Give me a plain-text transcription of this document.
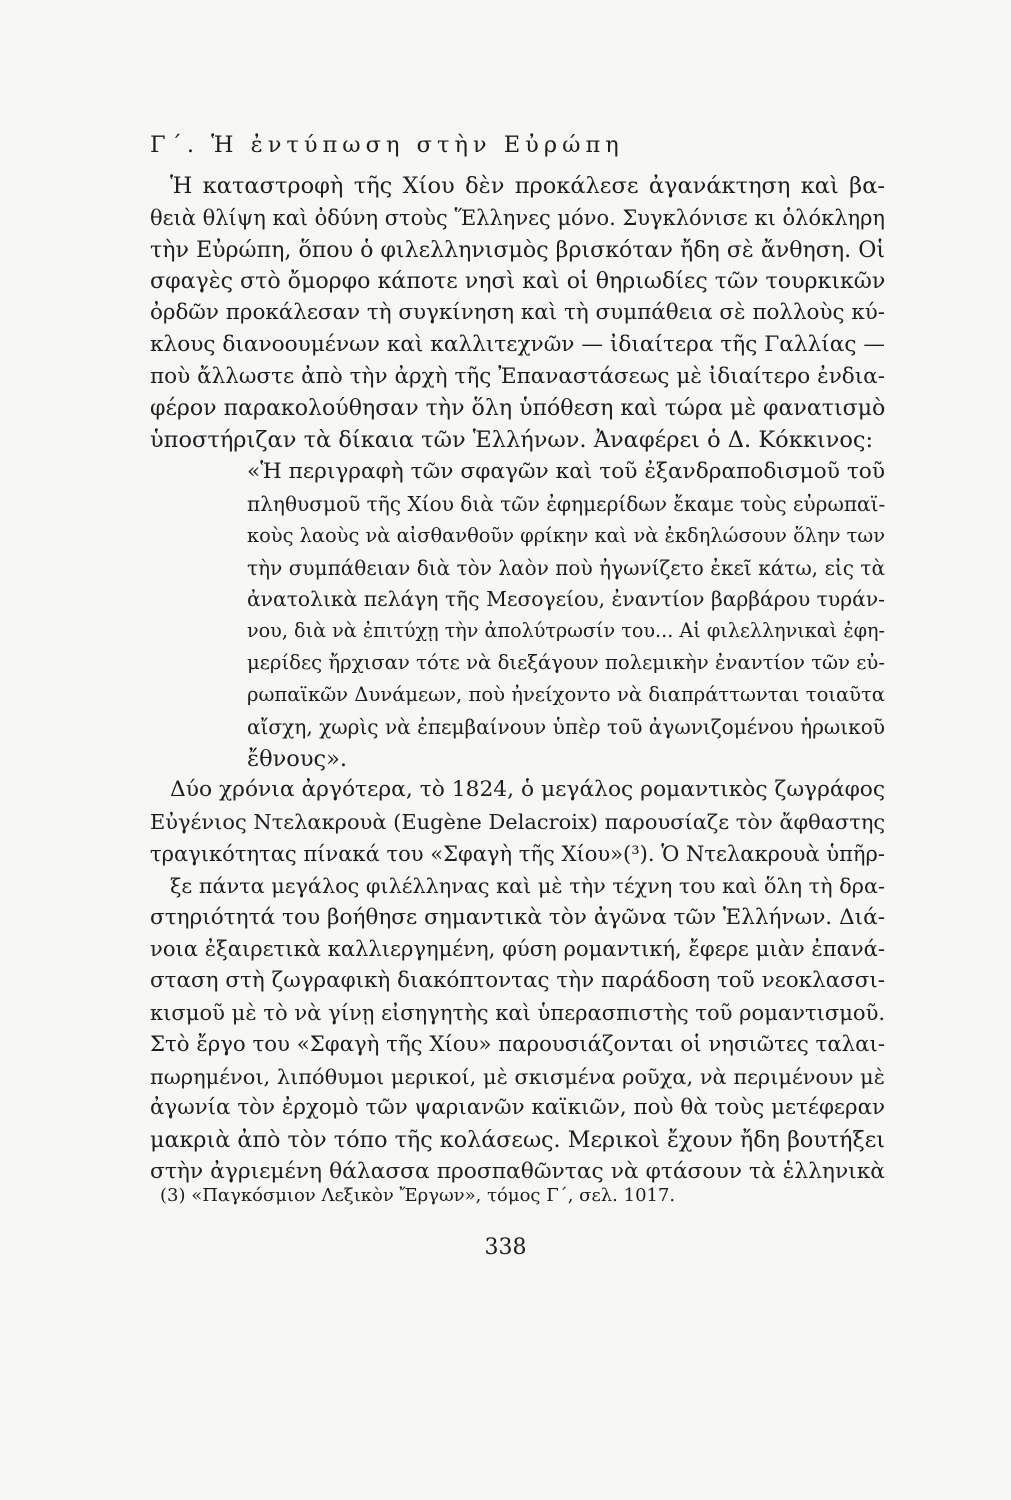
Γ΄. Ἡ ἐντύπωση στὴν Εὐρώπη
Ἡ καταστροφὴ τῆς Χίου δὲν προκάλεσε ἀγανάκτηση καὶ βα-
θειὰ θλίψη καὶ ὀδύνη στοὺς Ἕλληνες μόνο. Συγκλόνισε κι ὁλόκληρη
τὴν Εὐρώπη, ὅπου ὁ φιλελληνισμὸς βρισκόταν ἤδη σὲ ἄνθηση. Οἱ
σφαγὲς στὸ ὄμορφο κάποτε νησὶ καὶ οἱ θηριωδίες τῶν τουρκικῶν
ὀρδῶν προκάλεσαν τὴ συγκίνηση καὶ τὴ συμπάθεια σὲ πολλοὺς κύ-
κλους διανοουμένων καὶ καλλιτεχνῶν — ἰδιαίτερα τῆς Γαλλίας —
ποὺ ἄλλωστε ἀπὸ τὴν ἀρχὴ τῆς Ἐπαναστάσεως μὲ ἰδιαίτερο ἐνδια-
φέρον παρακολούθησαν τὴν ὅλη ὑπόθεση καὶ τώρα μὲ φανατισμὸ
ὑποστήριζαν τὰ δίκαια τῶν Ἑλλήνων. Ἀναφέρει ὁ Δ. Κόκκινος:
«Ἡ περιγραφὴ τῶν σφαγῶν καὶ τοῦ ἐξανδραποδισμοῦ τοῦ
πληθυσμοῦ τῆς Χίου διὰ τῶν ἐφημερίδων ἔκαμε τοὺς εὐρωπαϊ-
κοὺς λαοὺς νὰ αἰσθανθοῦν φρίκην καὶ νὰ ἐκδηλώσουν ὅλην των
τὴν συμπάθειαν διὰ τὸν λαὸν ποὺ ἠγωνίζετο ἐκεῖ κάτω, εἰς τὰ
ἀνατολικὰ πελάγη τῆς Μεσογείου, ἐναντίον βαρβάρου τυράν-
νου, διὰ νὰ ἐπιτύχῃ τὴν ἀπολύτρωσίν του... Αἱ φιλελληνικαὶ ἐφη-
μερίδες ἤρχισαν τότε νὰ διεξάγουν πολεμικὴν ἐναντίον τῶν εὐ-
ρωπαϊκῶν Δυνάμεων, ποὺ ἠνείχοντο νὰ διαπράττωνται τοιαῦτα
αἴσχη, χωρὶς νὰ ἐπεμβαίνουν ὑπὲρ τοῦ ἀγωνιζομένου ἡρωικοῦ
ἔθνους».
Δύο χρόνια ἀργότερα, τὸ 1824, ὁ μεγάλος ρομαντικὸς ζωγράφος
Εὐγένιος Ντελακρουὰ (Eugène Delacroix) παρουσίαζε τὸν ἄφθαστης
τραγικότητας πίνακά του «Σφαγὴ τῆς Χίου»(³). Ὁ Ντελακρουὰ ὑπῆρ-
ξε πάντα μεγάλος φιλέλληνας καὶ μὲ τὴν τέχνη του καὶ ὅλη τὴ δρα-
στηριότητά του βοήθησε σημαντικὰ τὸν ἀγῶνα τῶν Ἑλλήνων. Διά-
νοια ἐξαιρετικὰ καλλιεργημένη, φύση ρομαντική, ἔφερε μιὰν ἐπανά-
σταση στὴ ζωγραφικὴ διακόπτοντας τὴν παράδοση τοῦ νεοκλασσι-
κισμοῦ μὲ τὸ νὰ γίνῃ εἰσηγητὴς καὶ ὑπερασπιστὴς τοῦ ρομαντισμοῦ.
Στὸ ἔργο του «Σφαγὴ τῆς Χίου» παρουσιάζονται οἱ νησιῶτες ταλαι-
πωρημένοι, λιπόθυμοι μερικοί, μὲ σκισμένα ροῦχα, νὰ περιμένουν μὲ
ἀγωνία τὸν ἐρχομὸ τῶν ψαριανῶν καϊκιῶν, ποὺ θὰ τοὺς μετέφεραν
μακριὰ ἀπὸ τὸν τόπο τῆς κολάσεως. Μερικοὶ ἔχουν ἤδη βουτήξει
στὴν ἀγριεμένη θάλασσα προσπαθῶντας νὰ φτάσουν τὰ ἑλληνικὰ
(3) «Παγκόσμιον Λεξικὸν Ἔργων», τόμος Γ΄, σελ. 1017.
338
